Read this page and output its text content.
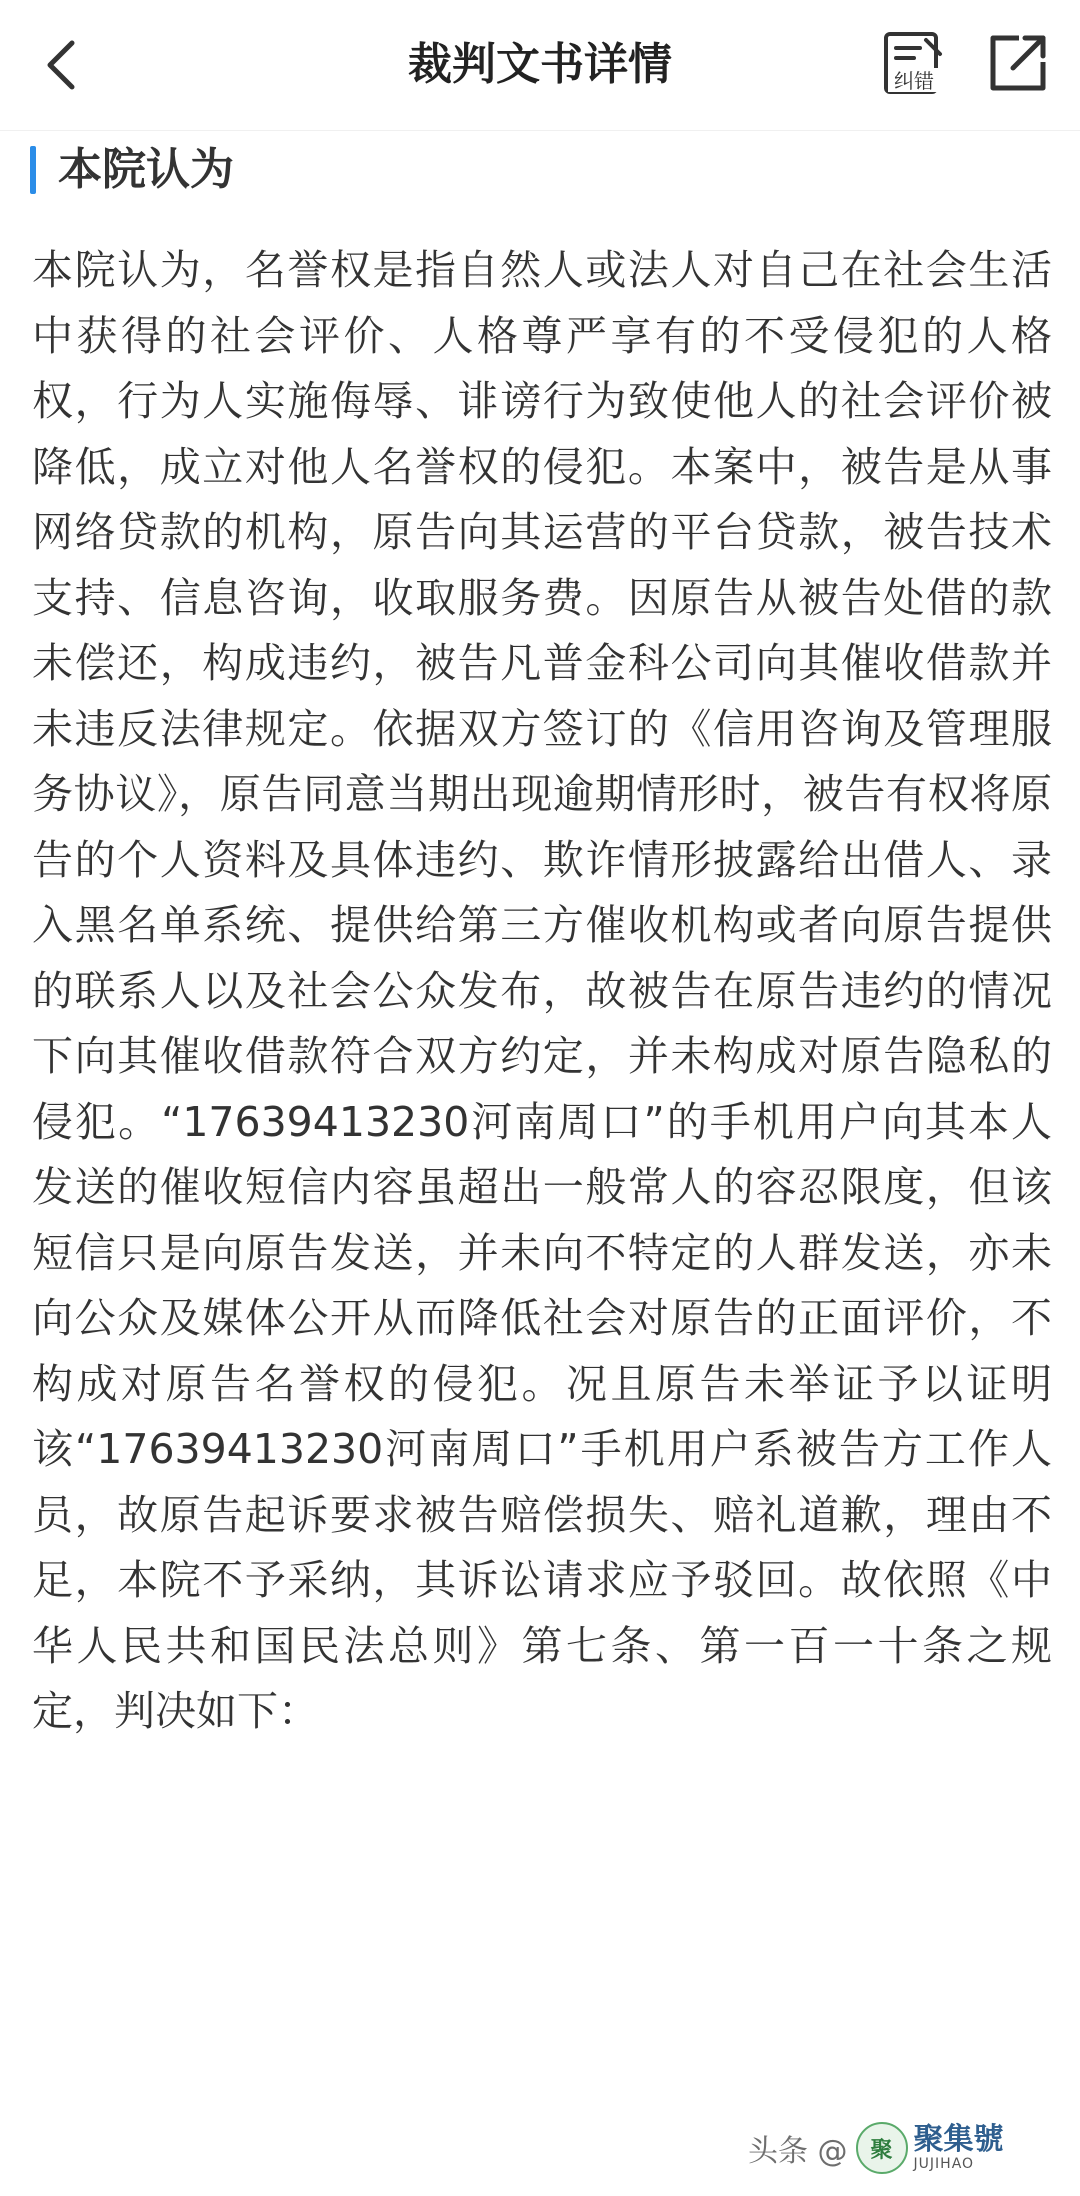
裁判文书详情	纠错
本院认为
本院认为，名誉权是指自然人或法人对自己在社会生活中获得的社会评价、人格尊严享有的不受侵犯的人格权，行为人实施侮辱、诽谤行为致使他人的社会评价被降低，成立对他人名誉权的侵犯。本案中，被告是从事网络贷款的机构，原告向其运营的平台贷款，被告技术支持、信息咨询，收取服务费。因原告从被告处借的款未偿还，构成违约，被告凡普金科公司向其催收借款并未违反法律规定。依据双方签订的《信用咨询及管理服务协议》，原告同意当期出现逾期情形时，被告有权将原告的个人资料及具体违约、欺诈情形披露给出借人、录入黑名单系统、提供给第三方催收机构或者向原告提供的联系人以及社会公众发布，故被告在原告违约的情况下向其催收借款符合双方约定，并未构成对原告隐私的侵犯。“17639413230河南周口”的手机用户向其本人发送的催收短信内容虽超出一般常人的容忍限度，但该短信只是向原告发送，并未向不特定的人群发送，亦未向公众及媒体公开从而降低社会对原告的正面评价，不构成对原告名誉权的侵犯。况且原告未举证予以证明该“17639413230河南周口”手机用户系被告方工作人员，故原告起诉要求被告赔偿损失、赔礼道歉，理由不足，本院不予采纳，其诉讼请求应予驳回。故依照《中华人民共和国民法总则》第七条、第一百一十条之规定，判决如下：
头条 @	聚 聚集號
JUJIHAO
